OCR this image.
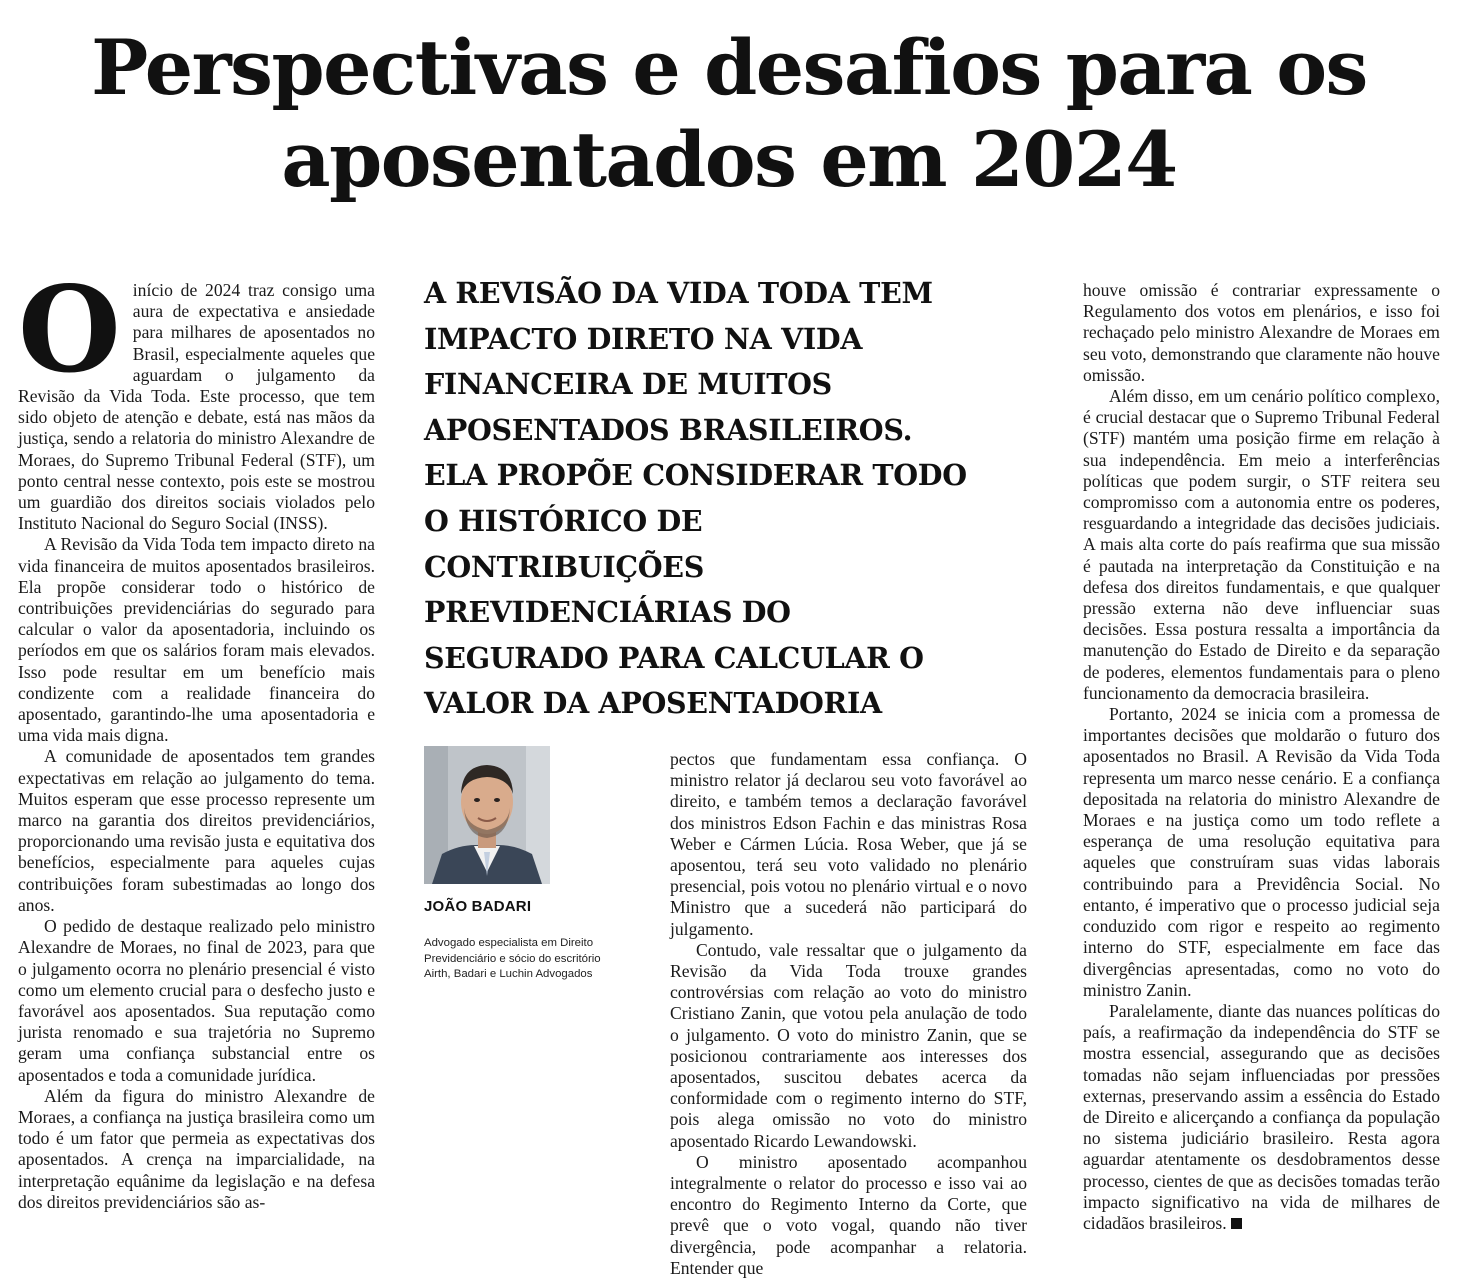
Perspectivas e desafios para os
aposentados em 2024

Oinício de 2024 traz consigo uma aura de expectativa e ansiedade para milhares de aposentados no Brasil, especialmente aqueles que aguardam o julgamento da Revisão da Vida Toda. Este processo, que tem sido objeto de atenção e debate, está nas mãos da justiça, sendo a relatoria do ministro Alexandre de Moraes, do Supremo Tribunal Federal (STF), um ponto central nesse contexto, pois este se mostrou um guardião dos direitos sociais violados pelo Instituto Nacional do Seguro Social (INSS).

A Revisão da Vida Toda tem impacto direto na vida financeira de muitos aposentados brasileiros. Ela propõe considerar todo o histórico de contribuições previdenciárias do segurado para calcular o valor da aposentadoria, incluindo os períodos em que os salários foram mais elevados. Isso pode resultar em um benefício mais condizente com a realidade financeira do aposentado, garantindo-lhe uma aposentadoria e uma vida mais digna.

A comunidade de aposentados tem grandes expectativas em relação ao julgamento do tema. Muitos esperam que esse processo represente um marco na garantia dos direitos previdenciários, proporcionando uma revisão justa e equitativa dos benefícios, especialmente para aqueles cujas contribuições foram subestimadas ao longo dos anos.

O pedido de destaque realizado pelo ministro Alexandre de Moraes, no final de 2023, para que o julgamento ocorra no plenário presencial é visto como um elemento crucial para o desfecho justo e favorável aos aposentados. Sua reputação como jurista renomado e sua trajetória no Supremo geram uma confiança substancial entre os aposentados e toda a comunidade jurídica.

Além da figura do ministro Alexandre de Moraes, a confiança na justiça brasileira como um todo é um fator que permeia as expectativas dos aposentados. A crença na imparcialidade, na interpretação equânime da legislação e na defesa dos direitos previdenciários são as-

A REVISÃO DA VIDA TODA TEM IMPACTO DIRETO NA VIDA FINANCEIRA DE MUITOS APOSENTADOS BRASILEIROS. ELA PROPÕE CONSIDERAR TODO O HISTÓRICO DE CONTRIBUIÇÕES PREVIDENCIÁRIAS DO SEGURADO PARA CALCULAR O VALOR DA APOSENTADORIA

JOÃO BADARI
Advogado especialista em Direito Previdenciário e sócio do escritório Airth, Badari e Luchin Advogados

pectos que fundamentam essa confiança. O ministro relator já declarou seu voto favorável ao direito, e também temos a declaração favorável dos ministros Edson Fachin e das ministras Rosa Weber e Cármen Lúcia. Rosa Weber, que já se aposentou, terá seu voto validado no plenário presencial, pois votou no plenário virtual e o novo Ministro que a sucederá não participará do julgamento.

Contudo, vale ressaltar que o julgamento da Revisão da Vida Toda trouxe grandes controvérsias com relação ao voto do ministro Cristiano Zanin, que votou pela anulação de todo o julgamento. O voto do ministro Zanin, que se posicionou contrariamente aos interesses dos aposentados, suscitou debates acerca da conformidade com o regimento interno do STF, pois alega omissão no voto do ministro aposentado Ricardo Lewandowski.

O ministro aposentado acompanhou integralmente o relator do processo e isso vai ao encontro do Regimento Interno da Corte, que prevê que o voto vogal, quando não tiver divergência, pode acompanhar a relatoria. Entender que

houve omissão é contrariar expressamente o Regulamento dos votos em plenários, e isso foi rechaçado pelo ministro Alexandre de Moraes em seu voto, demonstrando que claramente não houve omissão.

Além disso, em um cenário político complexo, é crucial destacar que o Supremo Tribunal Federal (STF) mantém uma posição firme em relação à sua independência. Em meio a interferências políticas que podem surgir, o STF reitera seu compromisso com a autonomia entre os poderes, resguardando a integridade das decisões judiciais. A mais alta corte do país reafirma que sua missão é pautada na interpretação da Constituição e na defesa dos direitos fundamentais, e que qualquer pressão externa não deve influenciar suas decisões. Essa postura ressalta a importância da manutenção do Estado de Direito e da separação de poderes, elementos fundamentais para o pleno funcionamento da democracia brasileira.

Portanto, 2024 se inicia com a promessa de importantes decisões que moldarão o futuro dos aposentados no Brasil. A Revisão da Vida Toda representa um marco nesse cenário. E a confiança depositada na relatoria do ministro Alexandre de Moraes e na justiça como um todo reflete a esperança de uma resolução equitativa para aqueles que construíram suas vidas laborais contribuindo para a Previdência Social. No entanto, é imperativo que o processo judicial seja conduzido com rigor e respeito ao regimento interno do STF, especialmente em face das divergências apresentadas, como no voto do ministro Zanin.

Paralelamente, diante das nuances políticas do país, a reafirmação da independência do STF se mostra essencial, assegurando que as decisões tomadas não sejam influenciadas por pressões externas, preservando assim a essência do Estado de Direito e alicerçando a confiança da população no sistema judiciário brasileiro. Resta agora aguardar atentamente os desdobramentos desse processo, cientes de que as decisões tomadas terão impacto significativo na vida de milhares de cidadãos brasileiros.
